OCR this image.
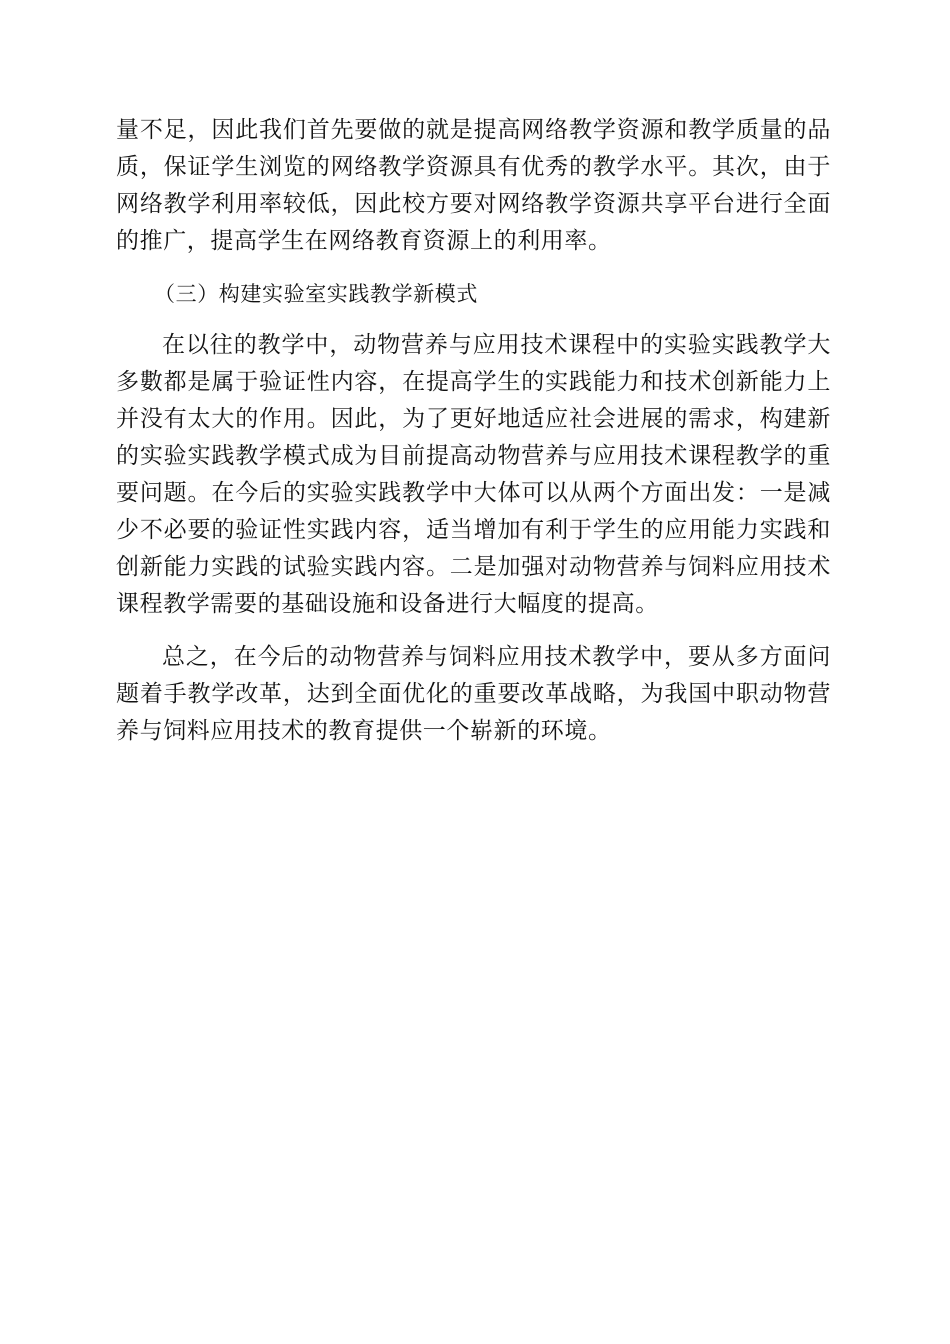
量不足，因此我们首先要做的就是提高网络教学资源和教学质量的品质，保证学生浏览的网络教学资源具有优秀的教学水平。其次，由于网络教学利用率较低，因此校方要对网络教学资源共享平台进行全面的推广，提高学生在网络教育资源上的利用率。

（三）构建实验室实践教学新模式

在以往的教学中，动物营养与应用技术课程中的实验实践教学大多數都是属于验证性内容，在提高学生的实践能力和技术创新能力上并没有太大的作用。因此，为了更好地适应社会进展的需求，构建新的实验实践教学模式成为目前提高动物营养与应用技术课程教学的重要问题。在今后的实验实践教学中大体可以从两个方面出发：一是减少不必要的验证性实践内容，适当增加有利于学生的应用能力实践和创新能力实践的试验实践内容。二是加强对动物营养与饲料应用技术课程教学需要的基础设施和设备进行大幅度的提高。

总之，在今后的动物营养与饲料应用技术教学中，要从多方面问题着手教学改革，达到全面优化的重要改革战略，为我国中职动物营养与饲料应用技术的教育提供一个崭新的环境。
